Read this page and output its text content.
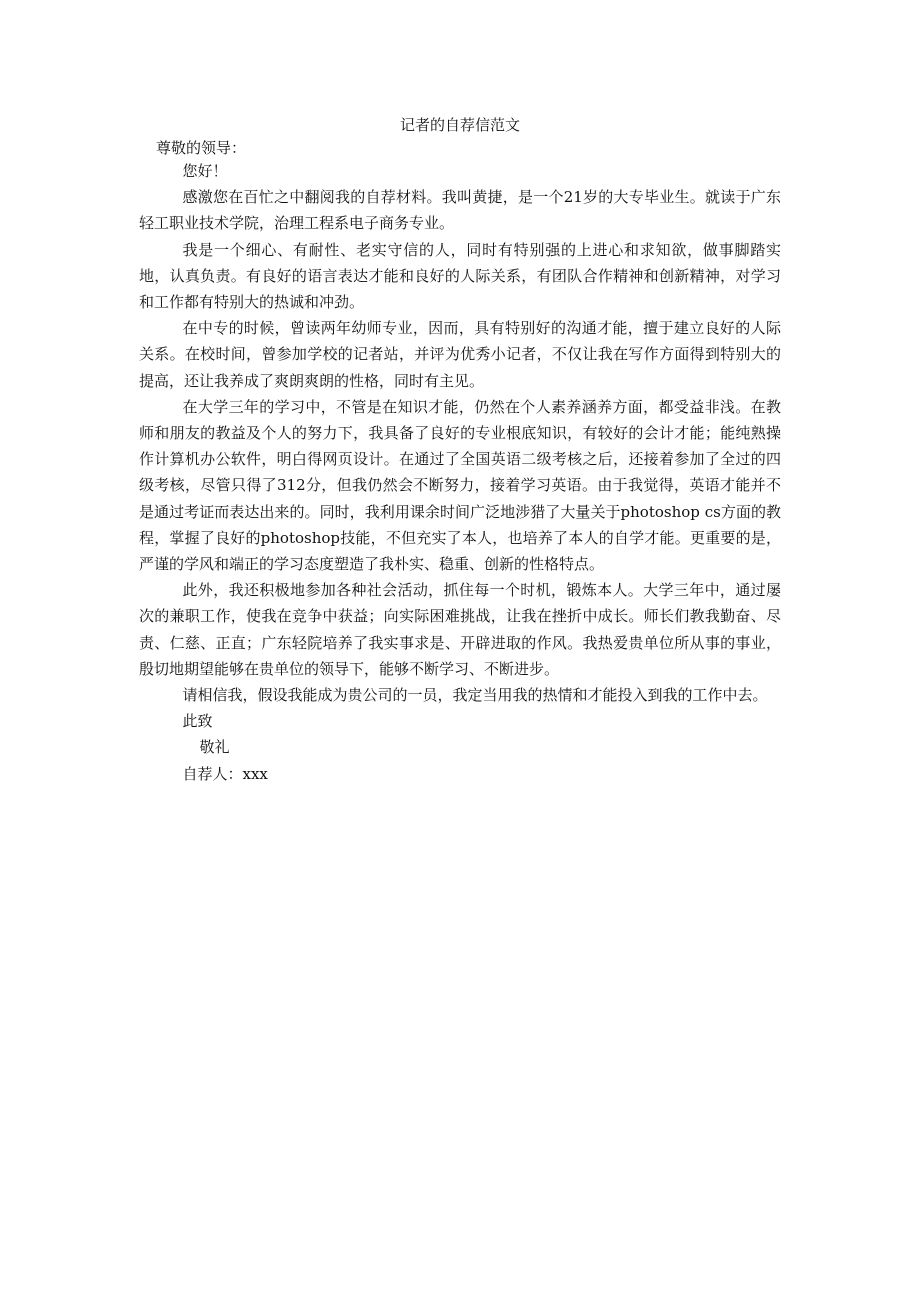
记者的自荐信范文
尊敬的领导：

您好！

感激您在百忙之中翻阅我的自荐材料。我叫黄捷，是一个21岁的大专毕业生。就读于广东轻工职业技术学院，治理工程系电子商务专业。

我是一个细心、有耐性、老实守信的人，同时有特别强的上进心和求知欲，做事脚踏实地，认真负责。有良好的语言表达才能和良好的人际关系，有团队合作精神和创新精神，对学习和工作都有特别大的热诚和冲劲。

在中专的时候，曾读两年幼师专业，因而，具有特别好的沟通才能，擅于建立良好的人际关系。在校时间，曾参加学校的记者站，并评为优秀小记者，不仅让我在写作方面得到特别大的提高，还让我养成了爽朗爽朗的性格，同时有主见。

在大学三年的学习中，不管是在知识才能，仍然在个人素养涵养方面，都受益非浅。在教师和朋友的教益及个人的努力下，我具备了良好的专业根底知识，有较好的会计才能；能纯熟操作计算机办公软件，明白得网页设计。在通过了全国英语二级考核之后，还接着参加了全过的四级考核，尽管只得了312分，但我仍然会不断努力，接着学习英语。由于我觉得，英语才能并不是通过考证而表达出来的。同时，我利用课余时间广泛地涉猎了大量关于photoshop cs方面的教程，掌握了良好的photoshop技能，不但充实了本人，也培养了本人的自学才能。更重要的是，严谨的学风和端正的学习态度塑造了我朴实、稳重、创新的性格特点。

此外，我还积极地参加各种社会活动，抓住每一个时机，锻炼本人。大学三年中，通过屡次的兼职工作，使我在竞争中获益；向实际困难挑战，让我在挫折中成长。师长们教我勤奋、尽责、仁慈、正直；广东轻院培养了我实事求是、开辟进取的作风。我热爱贵单位所从事的事业，殷切地期望能够在贵单位的领导下，能够不断学习、不断进步。

请相信我，假设我能成为贵公司的一员，我定当用我的热情和才能投入到我的工作中去。

此致

敬礼

自荐人：xxx
